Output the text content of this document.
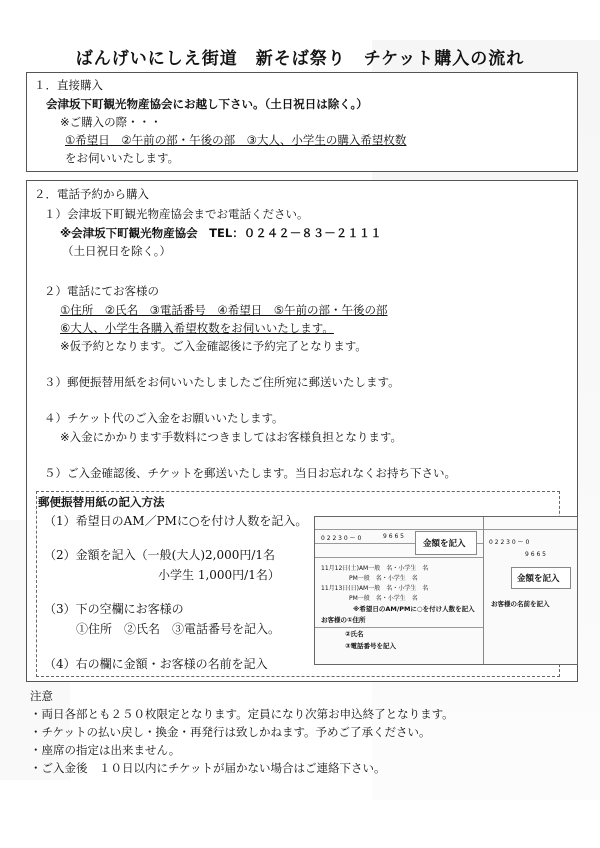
ばんげいにしえ街道　新そば祭り　チケット購入の流れ
１．直接購入
会津坂下町観光物産協会にお越し下さい。（土日祝日は除く。）
※ご購入の際・・・
①希望日　②午前の部・午後の部　③大人、小学生の購入希望枚数
をお伺いいたします。
２．電話予約から購入
１）会津坂下町観光物産協会までお電話ください。
※会津坂下町観光物産協会　TEL：０２４２－８３－２１１１
（土日祝日を除く。）
２）電話にてお客様の
①住所　②氏名　③電話番号　④希望日　⑤午前の部・午後の部
⑥大人、小学生各購入希望枚数をお伺いいたします。
※仮予約となります。ご入金確認後に予約完了となります。
３）郵便振替用紙をお伺いいたしましたご住所宛に郵送いたします。
４）チケット代のご入金をお願いいたします。
※入金にかかります手数料につきましてはお客様負担となります。
５）ご入金確認後、チケットを郵送いたします。当日お忘れなくお持ち下さい。
郵便振替用紙の記入方法
（1）希望日のAM／PMに○を付け人数を記入。
（2）金額を記入（一般(大人)2,000円/1名
小学生 1,000円/1名）
（3）下の空欄にお客様の
①住所　②氏名　③電話番号を記入。
（4）右の欄に金額・お客様の名前を記入
0 2 2 3 0 ー 0	9 6 6 5
金額を記入
11月12日(土)AM一般　名・小学生　名
PM一般　名・小学生　名
11月13日(日)AM一般　名・小学生　名
PM一般　名・小学生　名
※希望日のAM/PMに○を付け人数を記入
お客様の①住所
②氏名
③電話番号を記入
0 2 2 3 0 ー 0
9 6 6 5
金額を記入
お客様の名前を記入
注意
・両日各部とも２５０枚限定となります。定員になり次第お申込終了となります。
・チケットの払い戻し・換金・再発行は致しかねます。予めご了承ください。
・座席の指定は出来ません。
・ご入金後　１０日以内にチケットが届かない場合はご連絡下さい。
